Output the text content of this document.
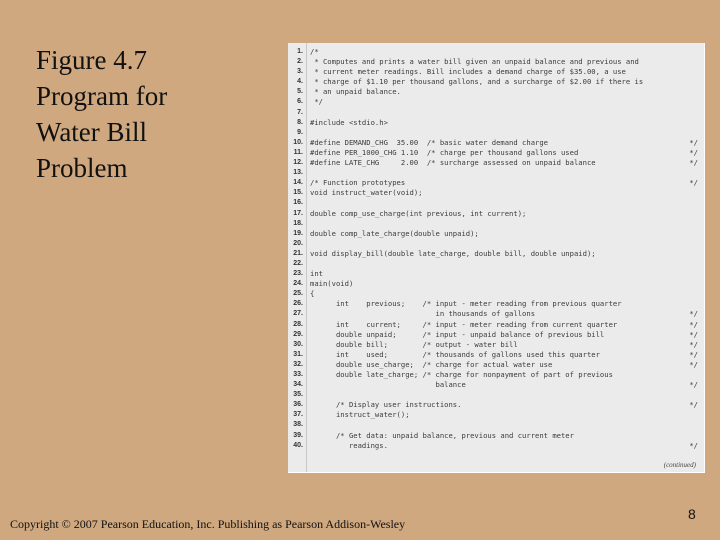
Figure 4.7
Program for
Water Bill
Problem
1. /*
2. * Computes and prints a water bill given an unpaid balance and previous and
3. * current meter readings. Bill includes a demand charge of $35.00, a use
4. * charge of $1.10 per thousand gallons, and a surcharge of $2.00 if there is
5. * an unpaid balance.
6. */
7.
8. #include <stdio.h>
9.
10. #define DEMAND_CHG  35.00  /* basic water demand charge	*/
11. #define PER_1000_CHG 1.10  /* charge per thousand gallons used	*/
12. #define LATE_CHG     2.00  /* surcharge assessed on unpaid balance	*/
13.
14. /* Function prototypes	*/
15. void instruct_water(void);
16.
17. double comp_use_charge(int previous, int current);
18.
19. double comp_late_charge(double unpaid);
20.
21. void display_bill(double late_charge, double bill, double unpaid);
22.
23. int
24. main(void)
25. {
26. int    previous;    /* input - meter reading from previous quarter
27. in thousands of gallons	*/
28. int    current;     /* input - meter reading from current quarter	*/
29. double unpaid;      /* input - unpaid balance of previous bill	*/
30. double bill;        /* output - water bill	*/
31. int    used;        /* thousands of gallons used this quarter	*/
32. double use_charge;  /* charge for actual water use	*/
33. double late_charge; /* charge for nonpayment of part of previous
34. balance	*/
35.
36. /* Display user instructions.	*/
37. instruct_water();
38.
39. /* Get data: unpaid balance, previous and current meter
40. readings.	*/
(continued)
Copyright © 2007 Pearson Education, Inc. Publishing as Pearson Addison-Wesley
8
